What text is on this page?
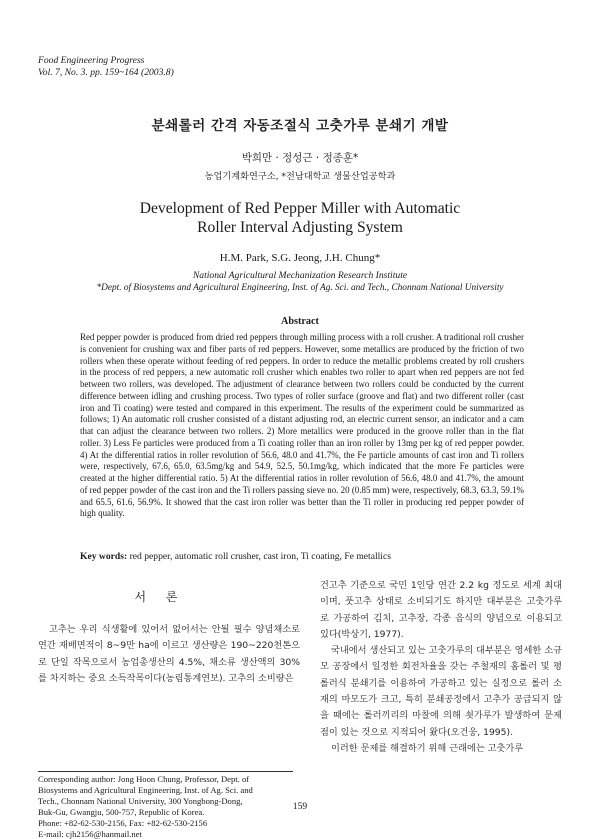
Food Engineering Progress
Vol. 7, No. 3. pp. 159~164 (2003.8)
분쇄롤러 간격 자동조절식 고춧가루 분쇄기 개발
박희만 · 정성근 · 정종훈*
농업기계화연구소, *전남대학교 생물산업공학과
Development of Red Pepper Miller with Automatic
Roller Interval Adjusting System
H.M. Park, S.G. Jeong, J.H. Chung*
National Agricultural Mechanization Research Institute
*Dept. of Biosystems and Agricultural Engineering, Inst. of Ag. Sci. and Tech., Chonnam National University
Abstract
Red pepper powder is produced from dried red peppers through milling process with a roll crusher. A traditional roll crusher is convenient for crushing wax and fiber parts of red peppers. However, some metallics are produced by the friction of two rollers when these operate without feeding of red peppers. In order to reduce the metallic problems created by roll crushers in the process of red peppers, a new automatic roll crusher which enables two roller to apart when red peppers are not fed between two rollers, was developed. The adjustment of clearance between two rollers could be conducted by the current difference between idling and crushing process. Two types of roller surface (groove and flat) and two different roller (cast iron and Ti coating) were tested and compared in this experiment. The results of the experiment could be summarized as follows; 1) An automatic roll crusher consisted of a distant adjusting rod, an electric current sensor, an indicator and a cam that can adjust the clearance between two rollers. 2) More metallics were produced in the groove roller than in the flat roller. 3) Less Fe particles were produced from a Ti coating roller than an iron roller by 13mg per kg of red pepper powder. 4) At the differential ratios in roller revolution of 56.6, 48.0 and 41.7%, the Fe particle amounts of cast iron and Ti rollers were, respectively, 67.6, 65.0, 63.5mg/kg and 54.9, 52.5, 50.1mg/kg, which indicated that the more Fe particles were created at the higher differential ratio. 5) At the differential ratios in roller revolution of 56.6, 48.0 and 41.7%, the amount of red pepper powder of the cast iron and the Ti rollers passing sieve no. 20 (0.85 mm) were, respectively, 68.3, 63.3, 59.1% and 65.5, 61.6, 56.9%. It showed that the cast iron roller was better than the Ti roller in producing red pepper powder of high quality.
Key words: red pepper, automatic roll crusher, cast iron, Ti coating, Fe metallics
서 론

고추는 우리 식생활에 있어서 없어서는 안될 필수 양념채소로 연간 재배면적이 8~9만 ha에 이르고 생산량은 190~220천톤으로 단일 작목으로서 농업총생산의 4.5%, 채소류 생산액의 30%를 차지하는 중요 소득작목이다(농림통계연보). 고추의 소비량은

건고추 기준으로 국민 1인당 연간 2.2 kg 정도로 세계 최대이며, 풋고추 상태로 소비되기도 하지만 대부분은 고춧가루로 가공하여 김치, 고추장, 각종 음식의 양념으로 이용되고 있다(박상기, 1977).

국내에서 생산되고 있는 고춧가루의 대부분은 영세한 소규모 공장에서 일정한 회전차율을 갖는 주철재의 홈롤러 및 평롤러식 분쇄기를 이용하여 가공하고 있는 실정으로 롤러 소재의 마모도가 크고, 특히 분쇄공정에서 고추가 공급되지 않을 때에는 롤러끼리의 마찰에 의해 쇳가루가 발생하여 문제점이 있는 것으로 지적되어 왔다(오건웅, 1995).

이러한 문제를 해결하기 위해 근래에는 고춧가루

Corresponding author: Jong Hoon Chung, Professor, Dept. of
Biosystems and Agricultural Engineering, Inst. of Ag. Sci. and
Tech., Chonnam National University, 300 Yongbong-Dong,
Buk-Gu, Gwangju, 500-757, Republic of Korea.
Phone: +82-62-530-2156, Fax: +82-62-530-2156
E-mail: cjh2156@hanmail.net
159
